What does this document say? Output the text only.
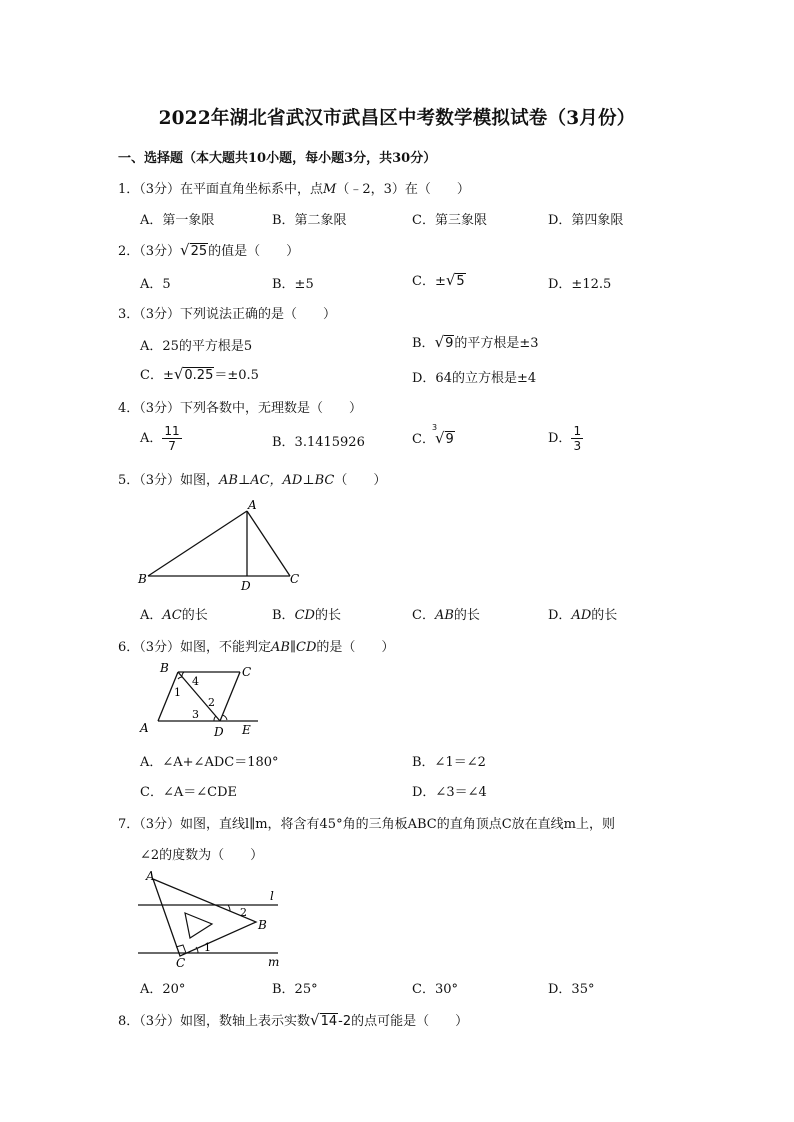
2022年湖北省武汉市武昌区中考数学模拟试卷（3月份）
一、选择题（本大题共10小题，每小题3分，共30分）
1．（3分）在平面直角坐标系中，点M（﹣2，3）在（　　）
A．第一象限	B．第二象限	C．第三象限	D．第四象限
2．（3分）√25的值是（　　）
A．5	B．±5	C．±√5	D．±12.5
3．（3分）下列说法正确的是（　　）
A．25的平方根是5	B．√9的平方根是±3
C．±√0.25＝±0.5	D．64的立方根是±4
4．（3分）下列各数中，无理数是（　　）
A． $\frac{11}{7}$	B．3.1415926	C．
3
√9	D． $\frac{1}{3}$
5．（3分）如图，AB⊥AC，AD⊥BC（　　）
A
B	C
D
A．AC的长	B．CD的长	C．AB的长	D．AD的长
6．（3分）如图，不能判定AB∥CD的是（　　）
B	C
A	D E
1
4
2
3
A．∠A+∠ADC＝180°	B．∠1＝∠2
C．∠A＝∠CDE	D．∠3＝∠4
7．（3分）如图，直线l∥m，将含有45°角的三角板ABC的直角顶点C放在直线m上，则
∠2的度数为（　　）
A
B
C
l
m
2
1
A．20°	B．25°	C．30°	D．35°
8．（3分）如图，数轴上表示实数√14-2的点可能是（　　）
